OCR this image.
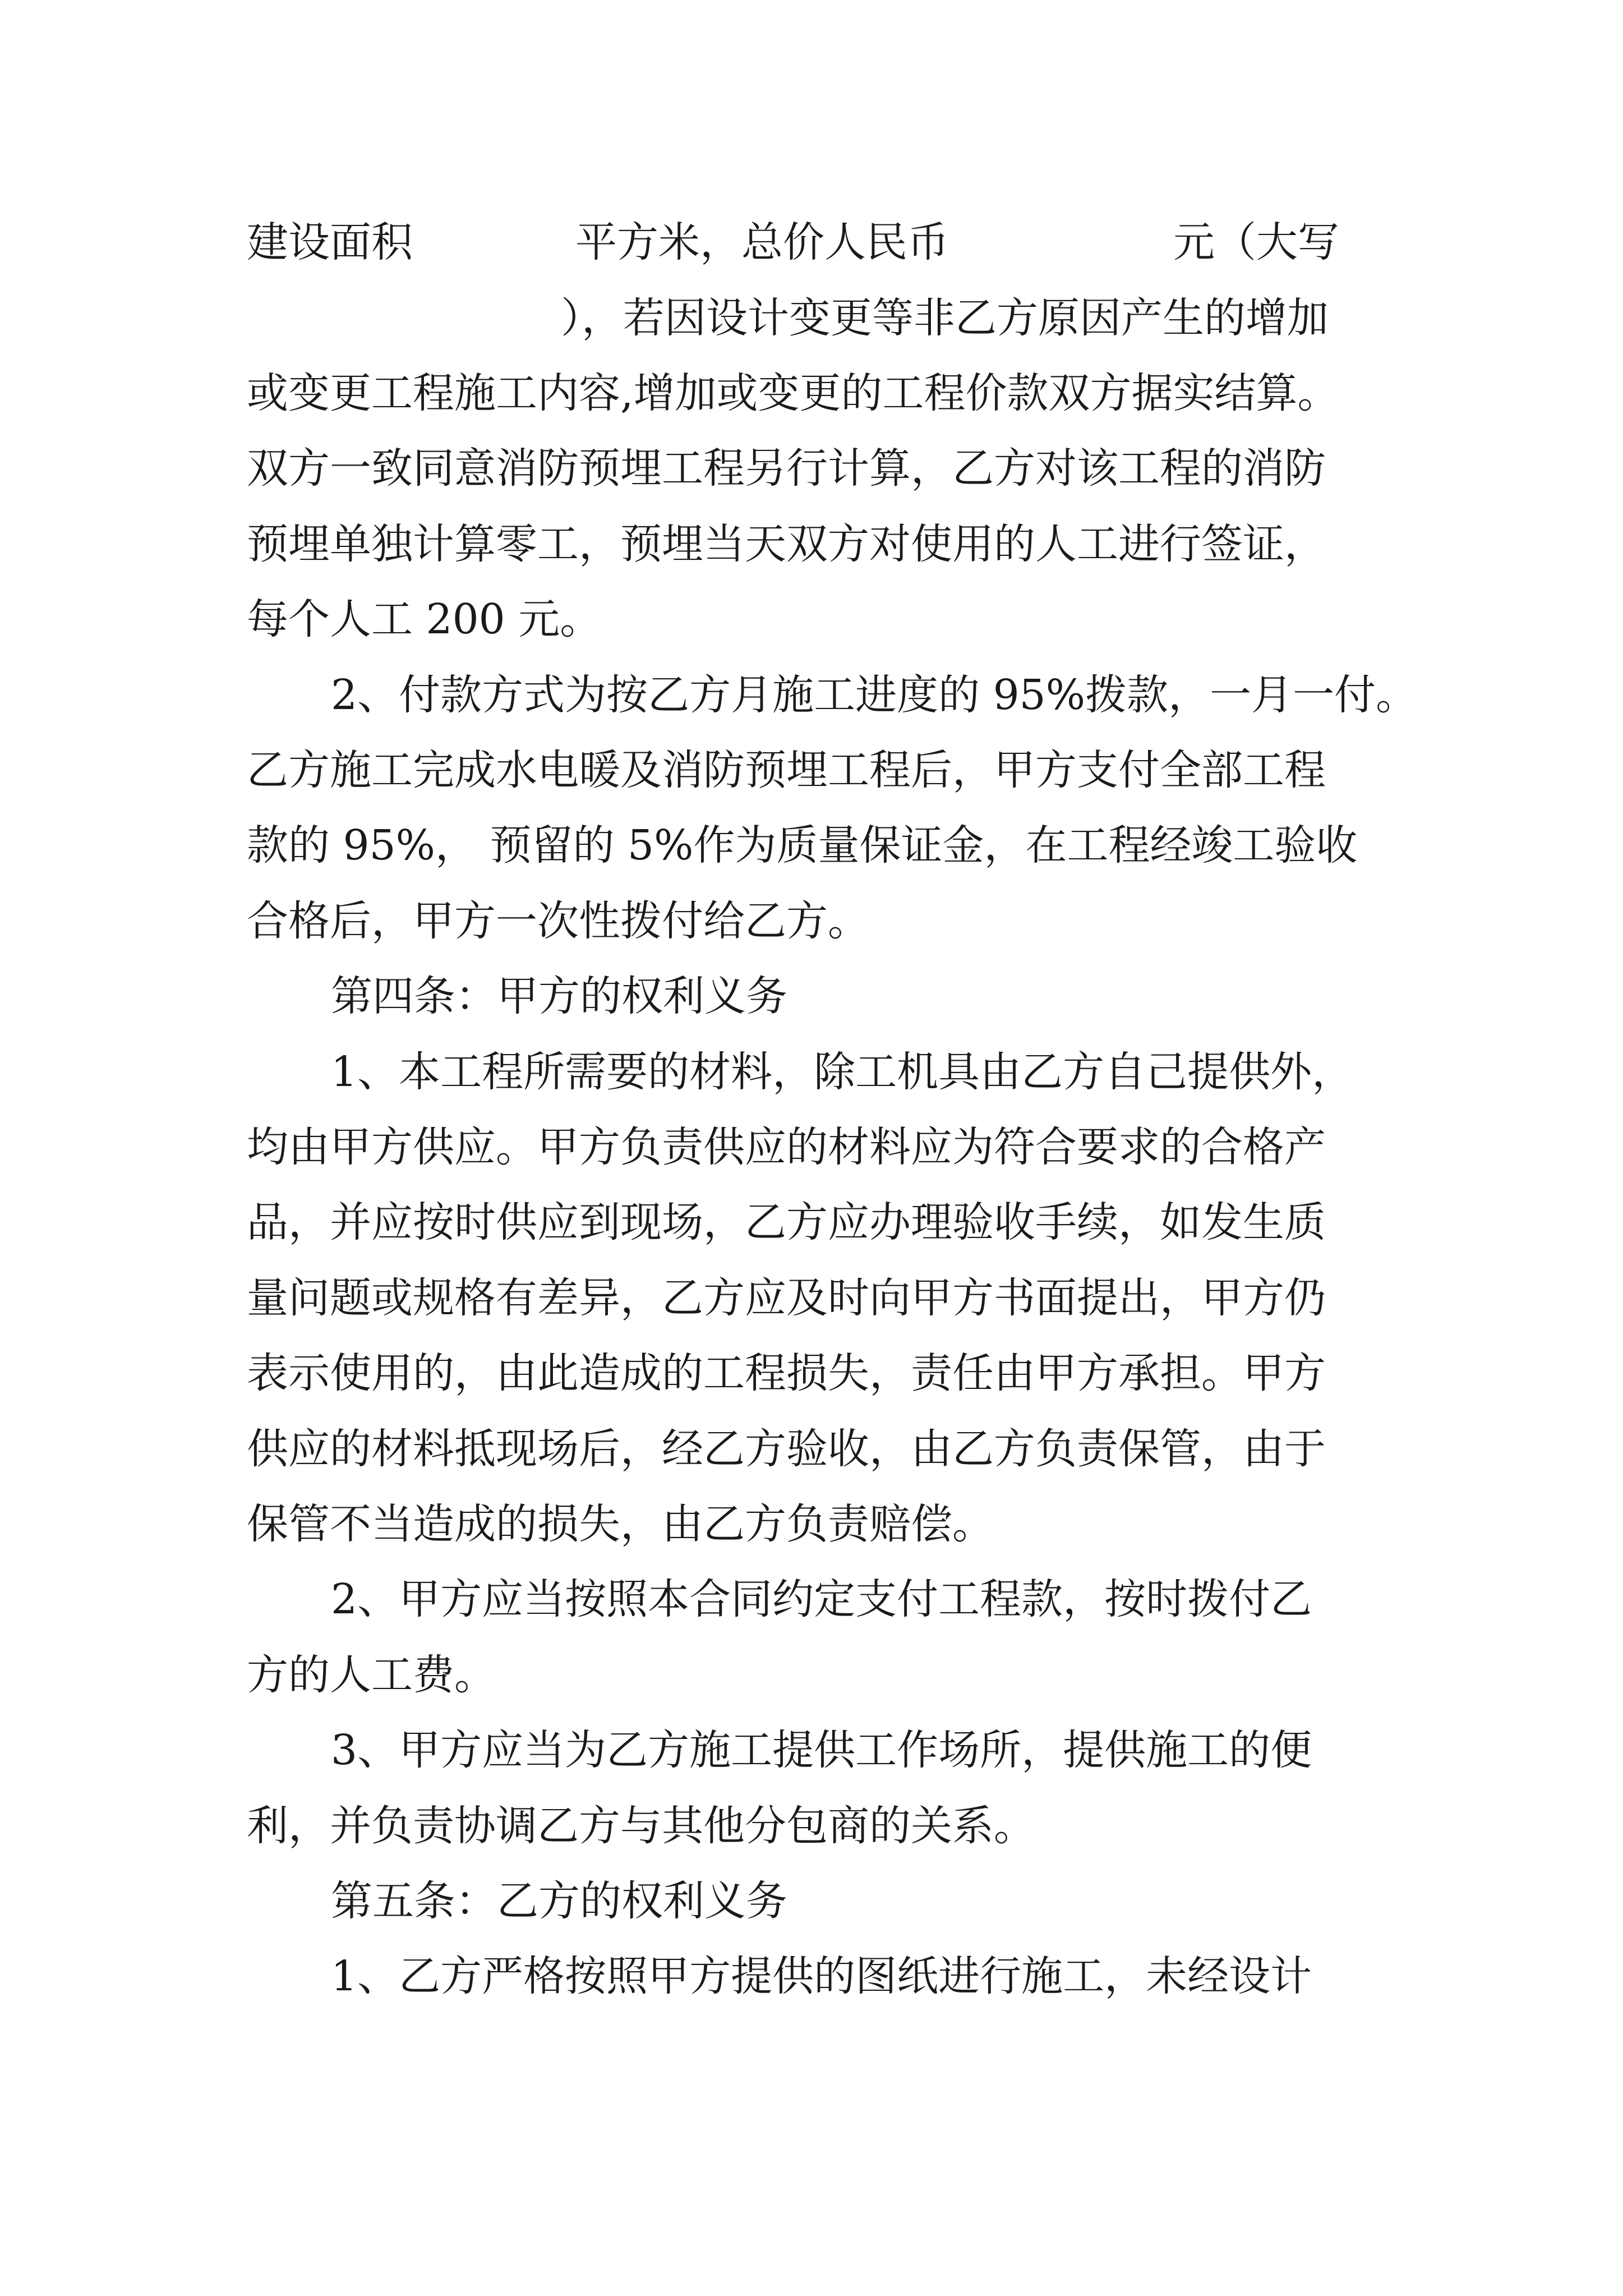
建设面积	平方米，总价人民币	元（大写

），若因设计变更等非乙方原因产生的增加

或变更工程施工内容,增加或变更的工程价款双方据实结算。

双方一致同意消防预埋工程另行计算，乙方对该工程的消防

预埋单独计算零工，预埋当天双方对使用的人工进行签证，

每个人工 200 元。

2、付款方式为按乙方月施工进度的 95%拨款，一月一付。

乙方施工完成水电暖及消防预埋工程后，甲方支付全部工程

款的 95%， 预留的 5%作为质量保证金，在工程经竣工验收

合格后，甲方一次性拨付给乙方。

第四条：甲方的权利义务

1、本工程所需要的材料，除工机具由乙方自己提供外，

均由甲方供应。甲方负责供应的材料应为符合要求的合格产

品，并应按时供应到现场，乙方应办理验收手续，如发生质

量问题或规格有差异，乙方应及时向甲方书面提出，甲方仍

表示使用的，由此造成的工程损失，责任由甲方承担。甲方

供应的材料抵现场后，经乙方验收，由乙方负责保管，由于

保管不当造成的损失，由乙方负责赔偿。

2、甲方应当按照本合同约定支付工程款，按时拨付乙

方的人工费。

3、甲方应当为乙方施工提供工作场所，提供施工的便

利，并负责协调乙方与其他分包商的关系。

第五条：乙方的权利义务

1、乙方严格按照甲方提供的图纸进行施工，未经设计
